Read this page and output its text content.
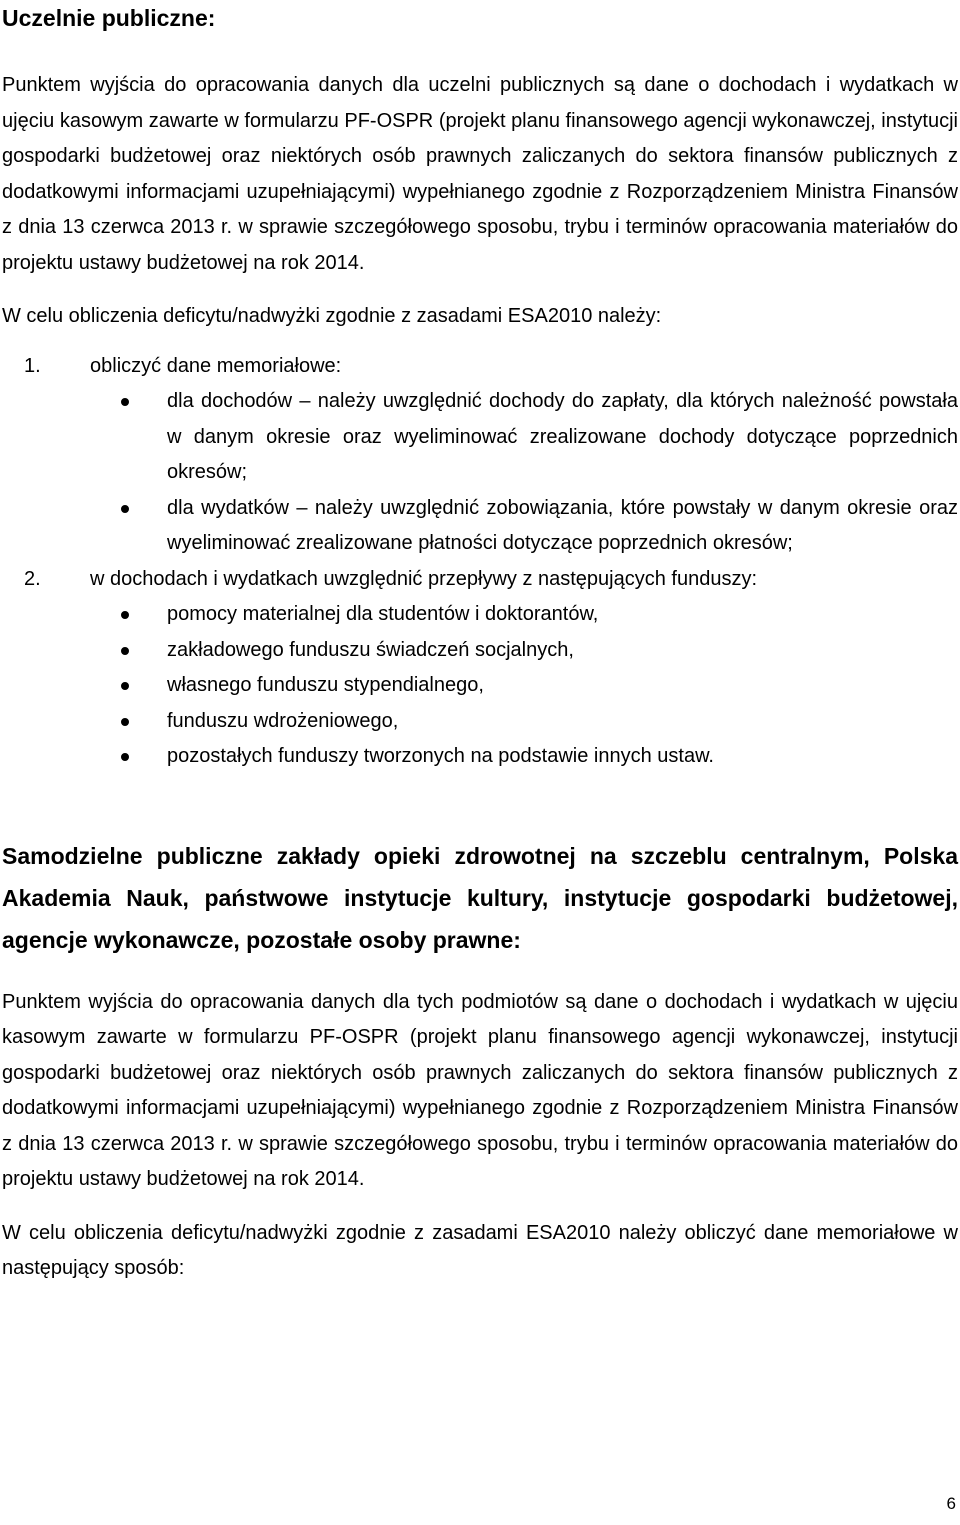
Uczelnie publiczne:

Punktem wyjścia do opracowania danych dla uczelni publicznych są dane o dochodach i wydatkach w ujęciu kasowym zawarte w formularzu PF-OSPR (projekt planu finansowego agencji wykonawczej, instytucji gospodarki budżetowej oraz niektórych osób prawnych zaliczanych do sektora finansów publicznych z dodatkowymi informacjami uzupełniającymi) wypełnianego zgodnie z Rozporządzeniem Ministra Finansów z dnia 13 czerwca 2013 r. w sprawie szczegółowego sposobu, trybu i terminów opracowania materiałów do projektu ustawy budżetowej na rok 2014.

W celu obliczenia deficytu/nadwyżki zgodnie z zasadami ESA2010 należy:

1. obliczyć dane memoriałowe:
dla dochodów – należy uwzględnić dochody do zapłaty, dla których należność powstała w danym okresie oraz wyeliminować zrealizowane dochody dotyczące poprzednich okresów;
dla wydatków – należy uwzględnić zobowiązania, które powstały w danym okresie oraz wyeliminować zrealizowane płatności dotyczące poprzednich okresów;
2. w dochodach i wydatkach uwzględnić przepływy z następujących funduszy:
pomocy materialnej dla studentów i doktorantów,
zakładowego funduszu świadczeń socjalnych,
własnego funduszu stypendialnego,
funduszu wdrożeniowego,
pozostałych funduszy tworzonych na podstawie innych ustaw.
Samodzielne publiczne zakłady opieki zdrowotnej na szczeblu centralnym, Polska Akademia Nauk, państwowe instytucje kultury, instytucje gospodarki budżetowej, agencje wykonawcze, pozostałe osoby prawne:

Punktem wyjścia do opracowania danych dla tych podmiotów są dane o dochodach i wydatkach w ujęciu kasowym zawarte w formularzu PF-OSPR (projekt planu finansowego agencji wykonawczej, instytucji gospodarki budżetowej oraz niektórych osób prawnych zaliczanych do sektora finansów publicznych z dodatkowymi informacjami uzupełniającymi) wypełnianego zgodnie z Rozporządzeniem Ministra Finansów z dnia 13 czerwca 2013 r. w sprawie szczegółowego sposobu, trybu i terminów opracowania materiałów do projektu ustawy budżetowej na rok 2014.

W celu obliczenia deficytu/nadwyżki zgodnie z zasadami ESA2010 należy obliczyć dane memoriałowe w następujący sposób:

6
